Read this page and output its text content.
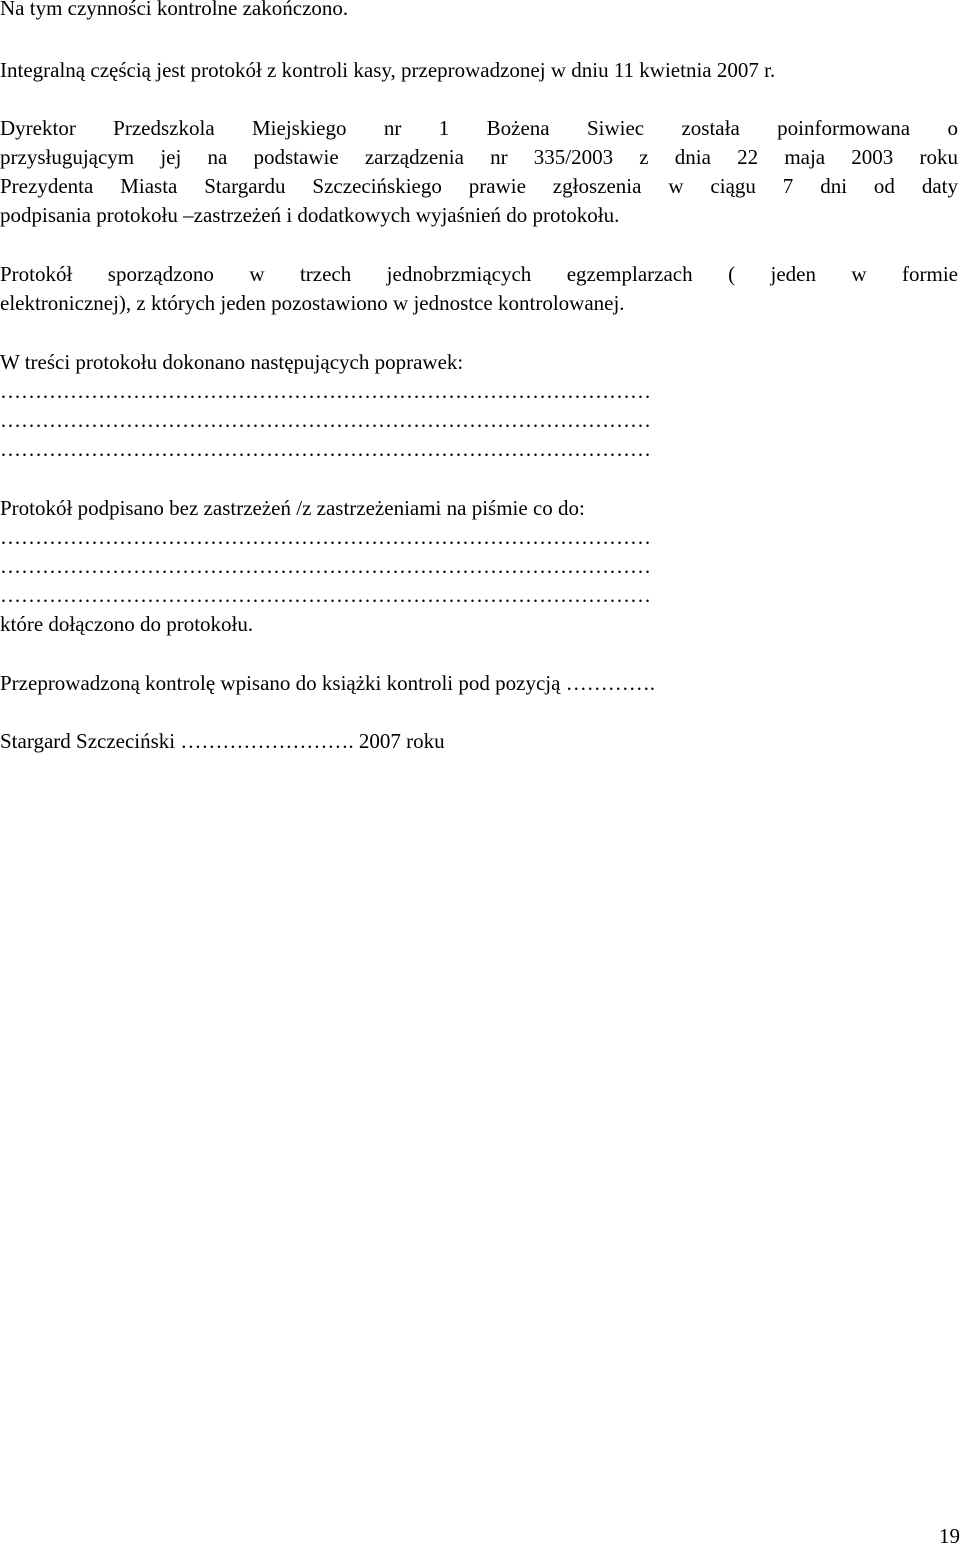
Na tym czynności kontrolne zakończono.
Integralną częścią jest protokół z kontroli kasy, przeprowadzonej w dniu 11 kwietnia 2007 r.
Dyrektor Przedszkola Miejskiego nr 1 Bożena Siwiec została poinformowana o
przysługującym jej na podstawie zarządzenia nr 335/2003 z dnia 22 maja 2003 roku
Prezydenta Miasta Stargardu Szczecińskiego prawie zgłoszenia w ciągu 7 dni od daty
podpisania protokołu –zastrzeżeń i dodatkowych wyjaśnień do protokołu.
Protokół sporządzono w trzech jednobrzmiących egzemplarzach ( jeden w formie
elektronicznej), z których jeden pozostawiono w jednostce kontrolowanej.
W treści protokołu dokonano następujących poprawek:
…………………………………………………………………………………
…………………………………………………………………………………
…………………………………………………………………………………
Protokół podpisano bez zastrzeżeń /z zastrzeżeniami na piśmie co do:
…………………………………………………………………………………
…………………………………………………………………………………
…………………………………………………………………………………
które dołączono do protokołu.
Przeprowadzoną kontrolę wpisano do książki kontroli pod pozycją ………….
Stargard Szczeciński ……………………. 2007 roku
19
